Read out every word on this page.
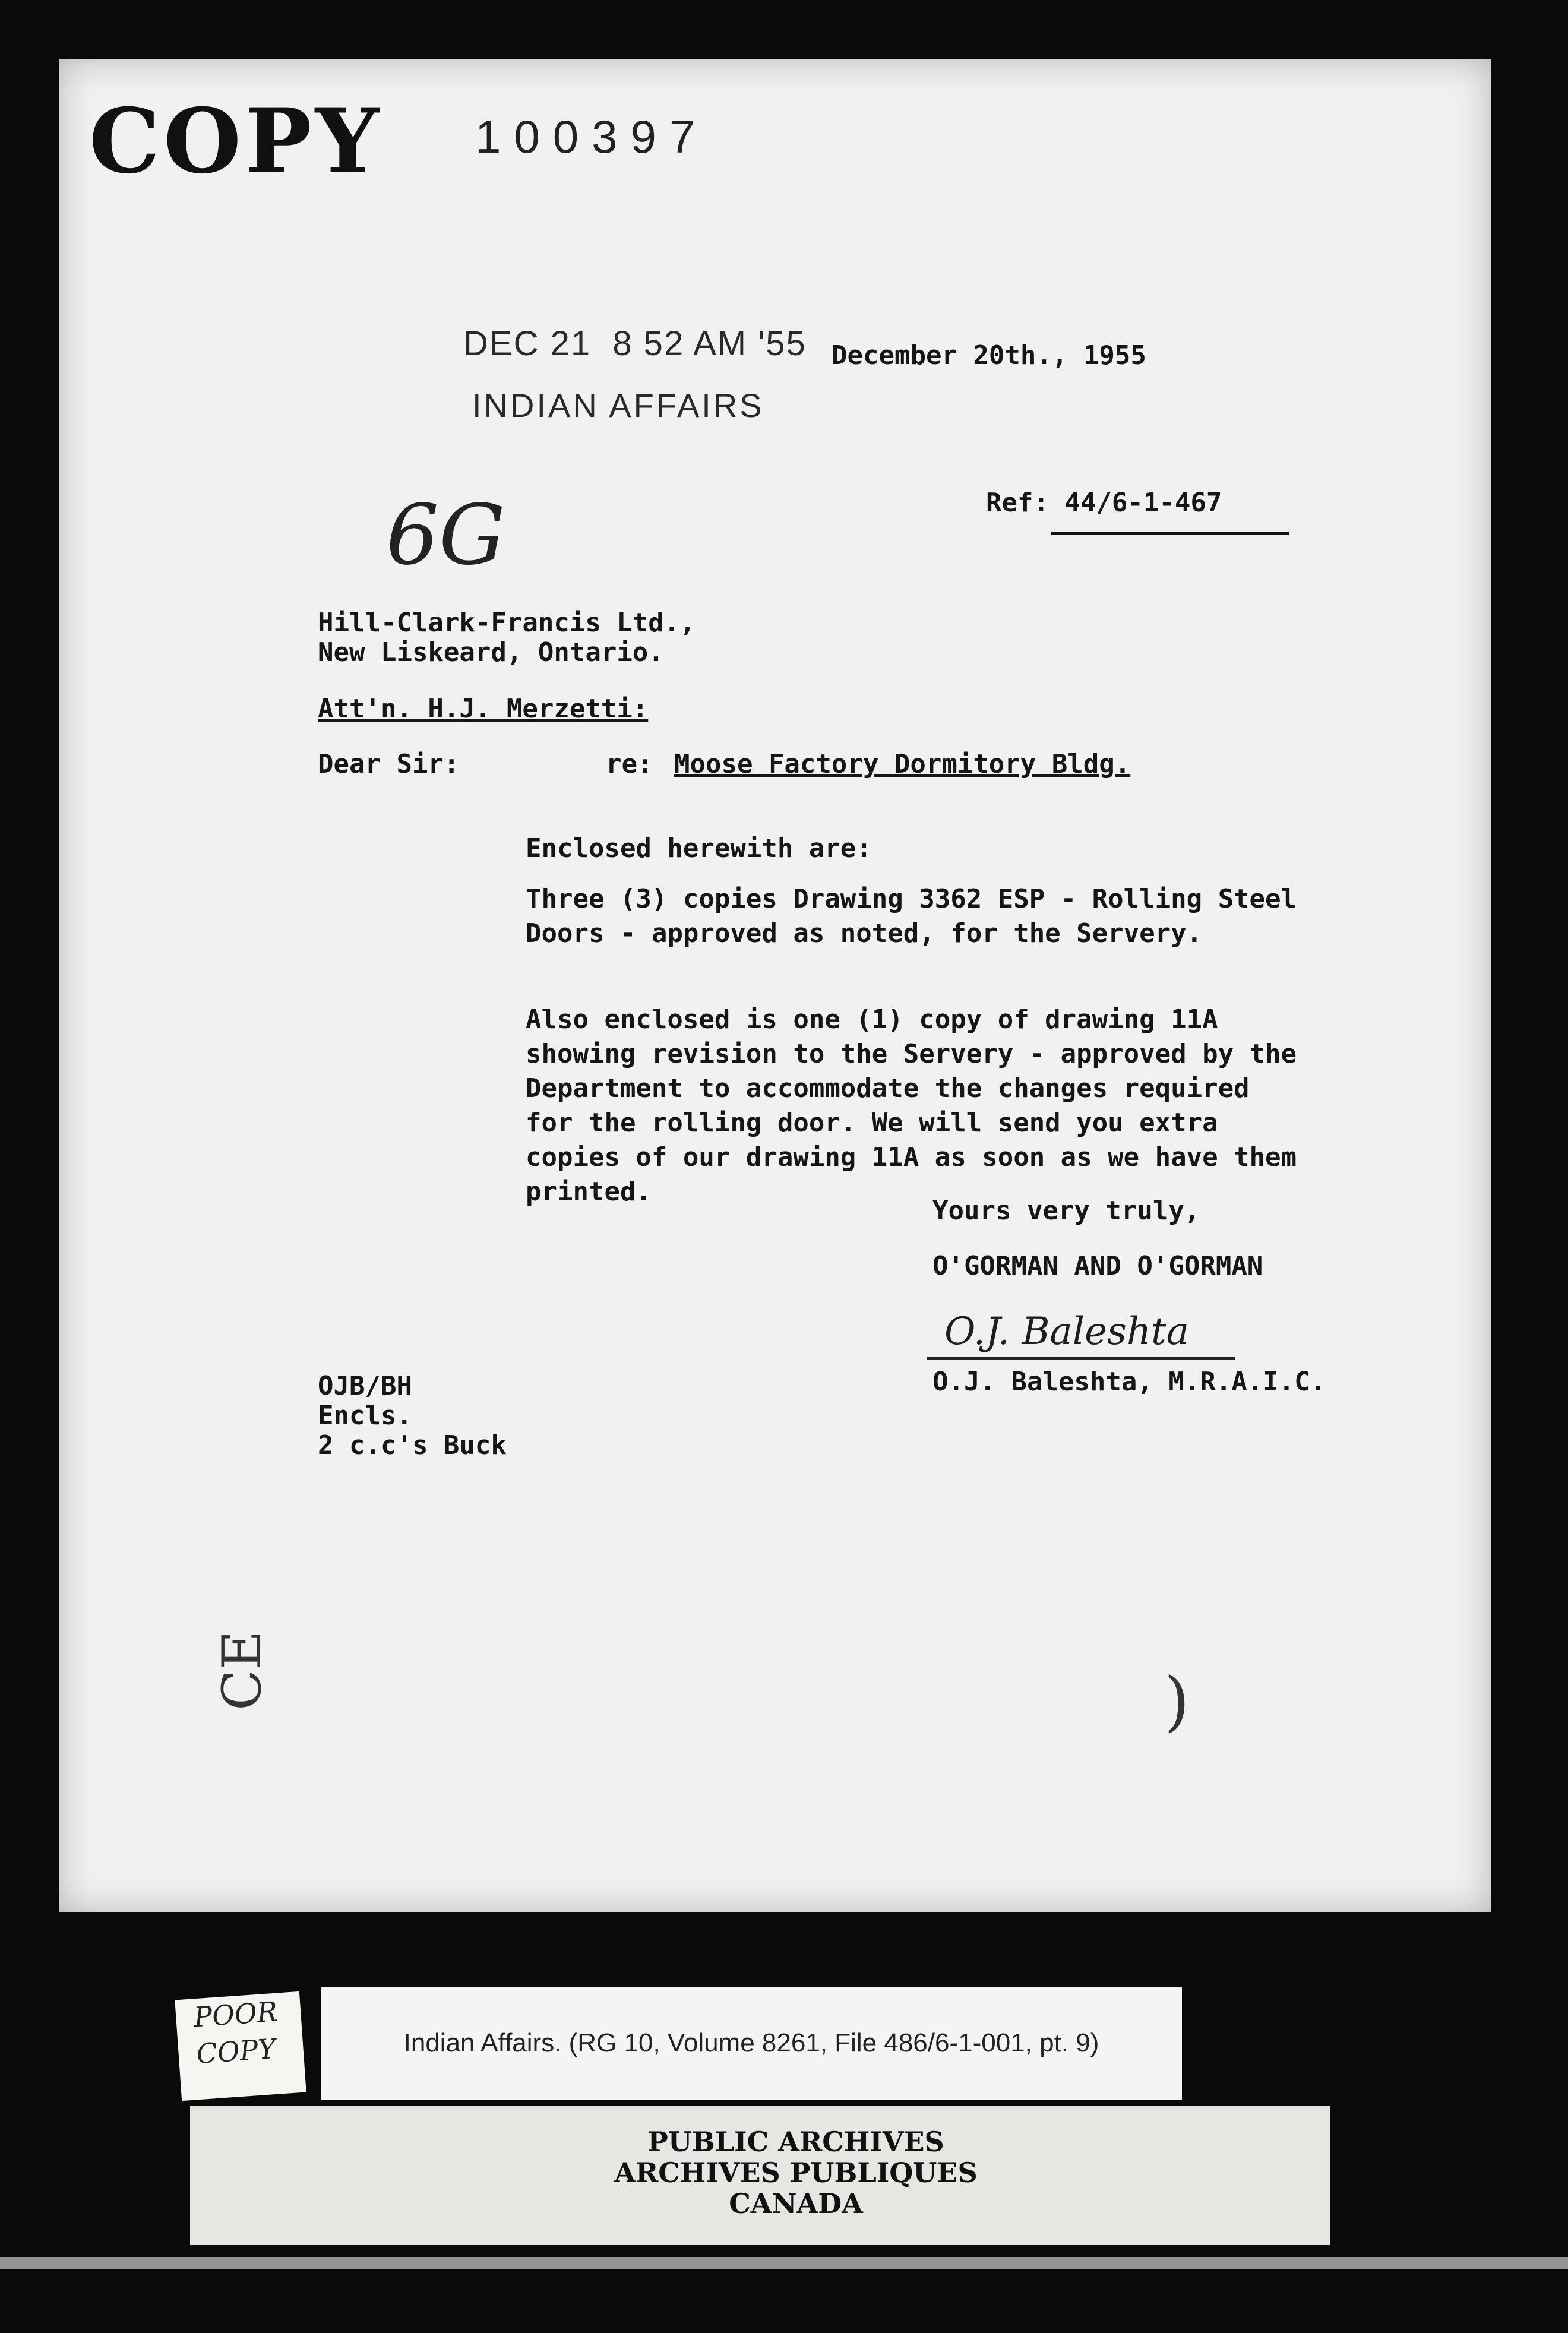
COPY 100397
DEC 21  8 52 AM '55
INDIAN AFFAIRS
December 20th., 1955
Ref: 44/6-1-467
6G
Hill-Clark-Francis Ltd.,
New Liskeard, Ontario.
Att'n. H.J. Merzetti:
Dear Sir:	re: Moose Factory Dormitory Bldg.
Enclosed herewith are:
Three (3) copies Drawing 3362 ESP - Rolling Steel Doors - approved as noted, for the Servery.
Also enclosed is one (1) copy of drawing 11A showing revision to the Servery - approved by the Department to accommodate the changes required for the rolling door. We will send you extra copies of our drawing 11A as soon as we have them printed.
Yours very truly,
O'GORMAN AND O'GORMAN
O.J. Baleshta
O.J. Baleshta, M.R.A.I.C.
OJB/BH
Encls.
2 c.c's Buck
CE	)
POOR
COPY	Indian Affairs. (RG 10, Volume 8261, File 486/6-1-001, pt. 9)
PUBLIC ARCHIVES
ARCHIVES PUBLIQUES
CANADA
